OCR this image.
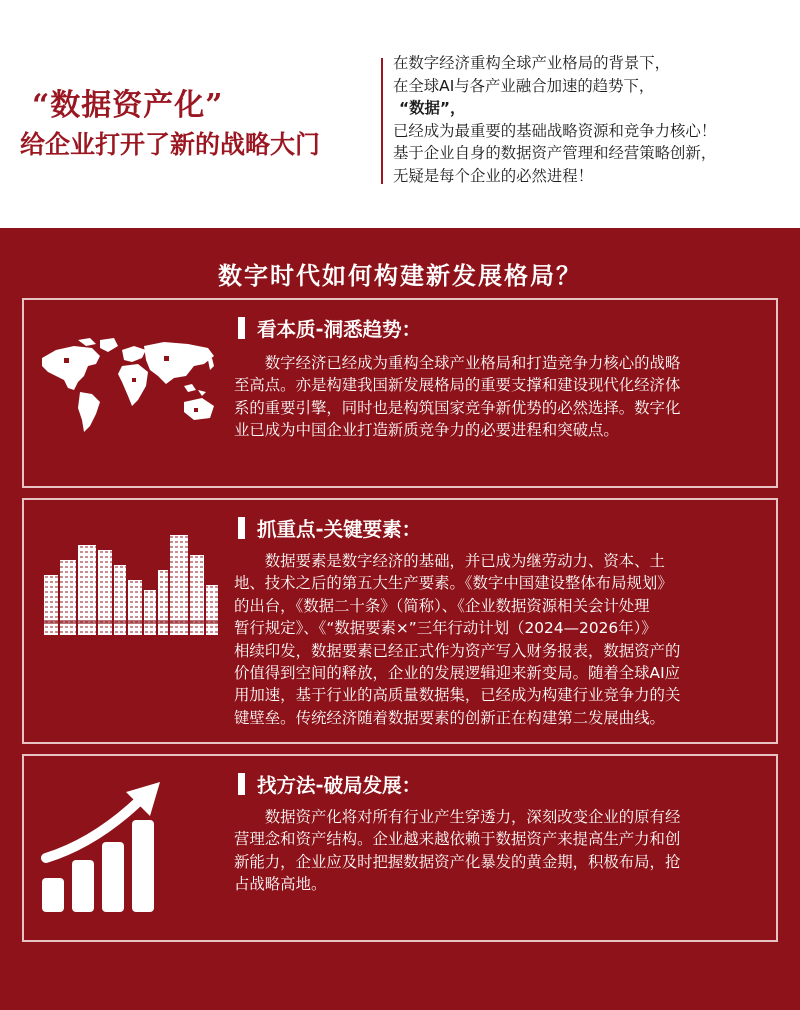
“数据资产化”
给企业打开了新的战略大门
在数字经济重构全球产业格局的背景下，
在全球AI与各产业融合加速的趋势下，
“数据”，
已经成为最重要的基础战略资源和竞争力核心！
基于企业自身的数据资产管理和经营策略创新，
无疑是每个企业的必然进程！
数字时代如何构建新发展格局？
看本质-洞悉趋势：
　　数字经济已经成为重构全球产业格局和打造竞争力核心的战略
至高点。亦是构建我国新发展格局的重要支撑和建设现代化经济体
系的重要引擎，同时也是构筑国家竞争新优势的必然选择。数字化
业已成为中国企业打造新质竞争力的必要进程和突破点。
抓重点-关键要素：
　　数据要素是数字经济的基础，并已成为继劳动力、资本、土
地、技术之后的第五大生产要素。《数字中国建设整体布局规划》
的出台，《数据二十条》（简称）、《企业数据资源相关会计处理
暂行规定》、《“数据要素×”三年行动计划（2024—2026年）》
相续印发，数据要素已经正式作为资产写入财务报表，数据资产的
价值得到空间的释放，企业的发展逻辑迎来新变局。随着全球AI应
用加速，基于行业的高质量数据集，已经成为构建行业竞争力的关
键壁垒。传统经济随着数据要素的创新正在构建第二发展曲线。
找方法-破局发展：
　　数据资产化将对所有行业产生穿透力，深刻改变企业的原有经
营理念和资产结构。企业越来越依赖于数据资产来提高生产力和创
新能力，企业应及时把握数据资产化暴发的黄金期，积极布局，抢
占战略高地。
